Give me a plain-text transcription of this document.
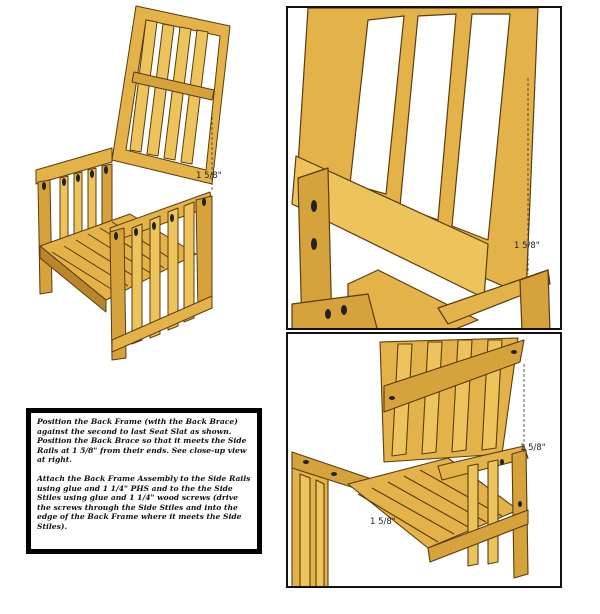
1 5/8"
1 5/8"
1 5/8"
1 5/8"

Position the Back Frame (with the Back Brace) against the second to last Seat Slat as shown. Position the Back Brace so that it meets the Side Rails at 1 5/8" from their ends. See close-up view at right.

Attach the Back Frame Assembly to the Side Rails using glue and 1 1/4" PHS and to the the Side Stiles using glue and 1 1/4" wood screws (drive the screws through the Side Stiles and into the edge of the Back Frame where it meets the Side Stiles).
